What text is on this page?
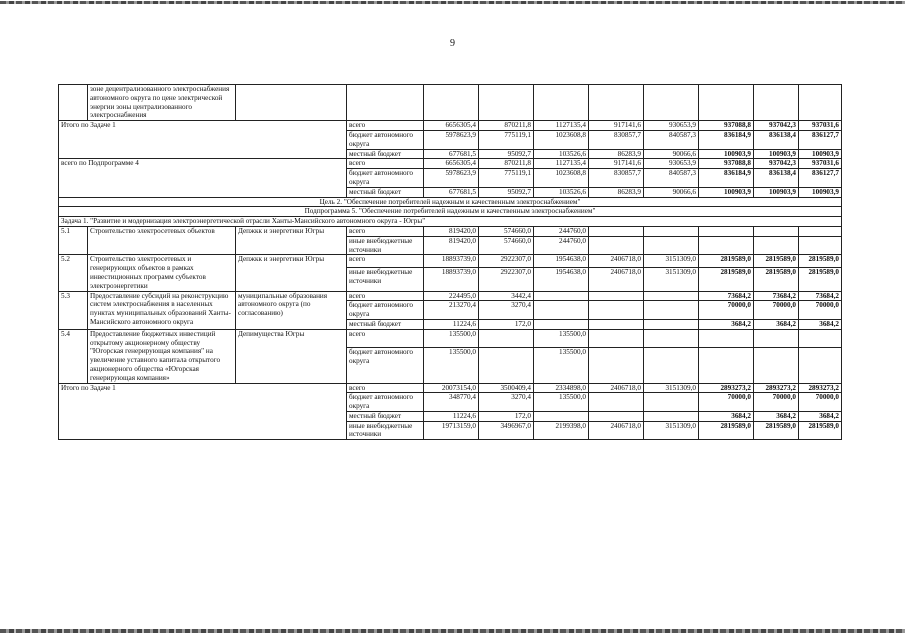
9
	зоне децентрализованного электроснабжения автономного округа по цене электрической энергии зоны централизованного электроснабжения										
Итого по Задаче 1			всего	6656305,4	870211,8	1127135,4	917141,6	930653,9	937088,8	937042,3	937031,6
			бюджет автономного округа	5978623,9	775119,1	1023608,8	830857,7	840587,3	836184,9	836138,4	836127,7
			местный бюджет	677681,5	95092,7	103526,6	86283,9	90066,6	100903,9	100903,9	100903,9
всего по Подпрограмме 4			всего	6656305,4	870211,8	1127135,4	917141,6	930653,9	937088,8	937042,3	937031,6
			бюджет автономного округа	5978623,9	775119,1	1023608,8	830857,7	840587,3	836184,9	836138,4	836127,7
			местный бюджет	677681,5	95092,7	103526,6	86283,9	90066,6	100903,9	100903,9	100903,9
Цель 2. "Обеспечение потребителей надежным и качественным электроснабжением"											
Подпрограмма 5. "Обеспечение потребителей надежным и качественным электроснабжением"											
Задача 1. "Развитие и модернизация электроэнергетической отрасли Ханты-Мансийского автономного округа - Югры"											
5.1	Строительство электросетевых объектов	Депжкк и энергетики Югры	всего	819420,0	574660,0	244760,0					
			иные внебюджетные источники	819420,0	574660,0	244760,0					
5.2	Строительство электросетевых и генерирующих объектов в рамках инвестиционных программ субъектов электроэнергетики	Депжкк и энергетики Югры	всего	18893739,0	2922307,0	1954638,0	2406718,0	3151309,0	2819589,0	2819589,0	2819589,0
			иные внебюджетные источники	18893739,0	2922307,0	1954638,0	2406718,0	3151309,0	2819589,0	2819589,0	2819589,0
5.3	Предоставление субсидий на реконструкцию систем электроснабжения в населенных пунктах муниципальных образований Ханты-Мансийского автономного округа	муниципальные образования автономного округа (по согласованию)	всего	224495,0	3442,4				73684,2	73684,2	73684,2
			бюджет автономного округа	213270,4	3270,4				70000,0	70000,0	70000,0
			местный бюджет	11224,6	172,0				3684,2	3684,2	3684,2
5.4	Предоставление бюджетных инвестиций открытому акционерному обществу "Югорская генерирующая компания" на увеличение уставного капитала открытого акционерного общества «Югорская генерирующая компания»	Депимущества Югры	всего	135500,0		135500,0					
			бюджет автономного округа	135500,0		135500,0					
Итого по Задаче 1			всего	20073154,0	3500409,4	2334898,0	2406718,0	3151309,0	2893273,2	2893273,2	2893273,2
			бюджет автономного округа	348770,4	3270,4	135500,0			70000,0	70000,0	70000,0
			местный бюджет	11224,6	172,0				3684,2	3684,2	3684,2
			иные внебюджетные источники	19713159,0	3496967,0	2199398,0	2406718,0	3151309,0	2819589,0	2819589,0	2819589,0
